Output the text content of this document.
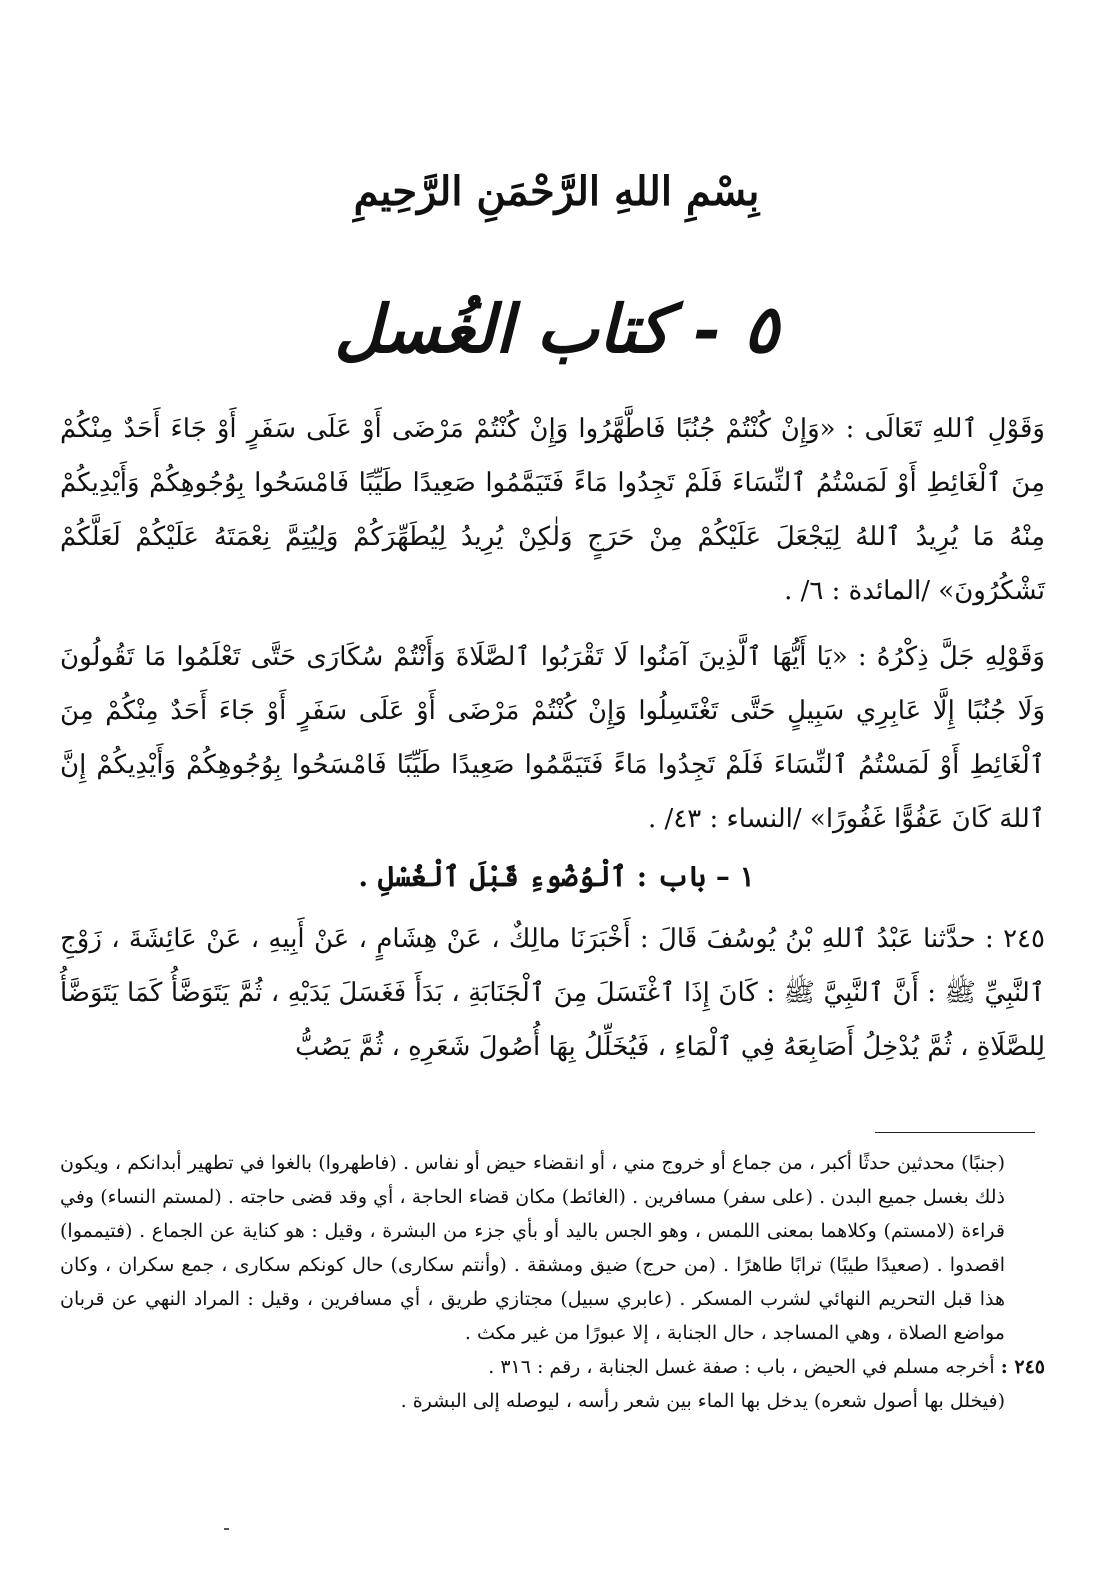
بِسْمِ اللهِ الرَّحْمَنِ الرَّحِيمِ
٥ - كتاب الغُسل

وَقَوْلِ ٱللهِ تَعَالَى : «وَإِنْ كُنْتُمْ جُنُبًا فَاطَّهَّرُوا وَإِنْ كُنْتُمْ مَرْضَى أَوْ عَلَى سَفَرٍ أَوْ جَاءَ أَحَدٌ مِنْكُمْ مِنَ ٱلْغَائِطِ أَوْ لَمَسْتُمُ ٱلنِّسَاءَ فَلَمْ تَجِدُوا مَاءً فَتَيَمَّمُوا صَعِيدًا طَيِّبًا فَامْسَحُوا بِوُجُوهِكُمْ وَأَيْدِيكُمْ مِنْهُ مَا يُرِيدُ ٱللهُ لِيَجْعَلَ عَلَيْكُمْ مِنْ حَرَجٍ وَلٰكِنْ يُرِيدُ لِيُطَهِّرَكُمْ وَلِيُتِمَّ نِعْمَتَهُ عَلَيْكُمْ لَعَلَّكُمْ تَشْكُرُونَ» /المائدة : ٦/ .

وَقَوْلِهِ جَلَّ ذِكْرُهُ : «يَا أَيُّهَا ٱلَّذِينَ آمَنُوا لَا تَقْرَبُوا ٱلصَّلَاةَ وَأَنْتُمْ سُكَارَى حَتَّى تَعْلَمُوا مَا تَقُولُونَ وَلَا جُنُبًا إِلَّا عَابِرِي سَبِيلٍ حَتَّى تَغْتَسِلُوا وَإِنْ كُنْتُمْ مَرْضَى أَوْ عَلَى سَفَرٍ أَوْ جَاءَ أَحَدٌ مِنْكُمْ مِنَ ٱلْغَائِطِ أَوْ لَمَسْتُمُ ٱلنِّسَاءَ فَلَمْ تَجِدُوا مَاءً فَتَيَمَّمُوا صَعِيدًا طَيِّبًا فَامْسَحُوا بِوُجُوهِكُمْ وَأَيْدِيكُمْ إِنَّ ٱللهَ كَانَ عَفُوًّا غَفُورًا» /النساء : ٤٣/ .

١ – باب : ٱلْوُضُوءِ قَبْلَ ٱلْغُسْلِ .

٢٤٥ : حدَّثنا عَبْدُ ٱللهِ بْنُ يُوسُفَ قَالَ : أَخْبَرَنَا مالِكٌ ، عَنْ هِشَامٍ ، عَنْ أَبِيهِ ، عَنْ عَائِشَةَ ، زَوْجِ ٱلنَّبِيِّ ﷺ : أَنَّ ٱلنَّبِيَّ ﷺ : كَانَ إِذَا ٱغْتَسَلَ مِنَ ٱلْجَنَابَةِ ، بَدَأَ فَغَسَلَ يَدَيْهِ ، ثُمَّ يَتَوَضَّأُ كَمَا يَتَوَضَّأُ لِلصَّلَاةِ ، ثُمَّ يُدْخِلُ أَصَابِعَهُ فِي ٱلْمَاءِ ، فَيُخَلِّلُ بِهَا أُصُولَ شَعَرِهِ ، ثُمَّ يَصُبُّ

(جنبًا) محدثين حدثًا أكبر ، من جماع أو خروج مني ، أو انقضاء حيض أو نفاس . (فاطهروا) بالغوا في تطهير أبدانكم ، ويكون ذلك بغسل جميع البدن . (على سفر) مسافرين . (الغائط) مكان قضاء الحاجة ، أي وقد قضى حاجته . (لمستم النساء) وفي قراءة (لامستم) وكلاهما بمعنى اللمس ، وهو الجس باليد أو بأي جزء من البشرة ، وقيل : هو كناية عن الجماع . (فتيمموا) اقصدوا . (صعيدًا طيبًا) ترابًا طاهرًا . (من حرج) ضيق ومشقة . (وأنتم سكارى) حال كونكم سكارى ، جمع سكران ، وكان هذا قبل التحريم النهائي لشرب المسكر . (عابري سبيل) مجتازي طريق ، أي مسافرين ، وقيل : المراد النهي عن قربان مواضع الصلاة ، وهي المساجد ، حال الجنابة ، إلا عبورًا من غير مكث .

٢٤٥ : أخرجه مسلم في الحيض ، باب : صفة غسل الجنابة ، رقم : ٣١٦ .

(فيخلل بها أصول شعره) يدخل بها الماء بين شعر رأسه ، ليوصله إلى البشرة .
